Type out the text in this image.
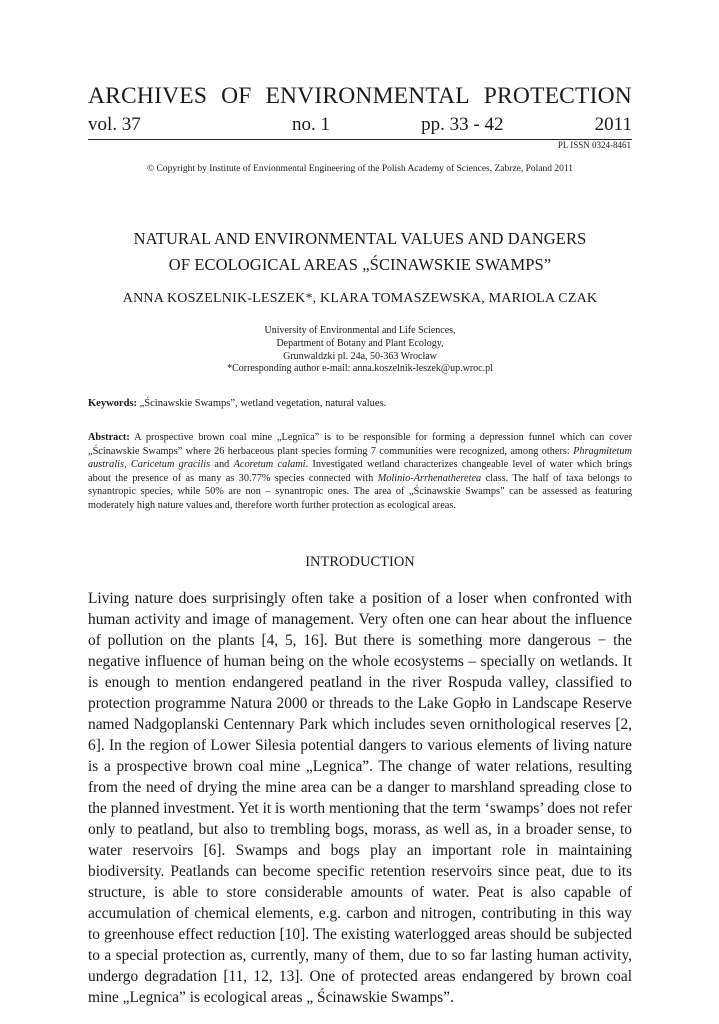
ARCHIVES OF ENVIRONMENTAL PROTECTION
vol. 37	no. 1	pp. 33 - 42	2011
PL ISSN 0324-8461
© Copyright by Institute of Envionmental Engineering of the Polish Academy of Sciences, Zabrze, Poland 2011
NATURAL AND ENVIRONMENTAL VALUES AND DANGERS
OF ECOLOGICAL AREAS „ŚCINAWSKIE SWAMPS”
ANNA KOSZELNIK-LESZEK*, KLARA TOMASZEWSKA, MARIOLA CZAK
University of Environmental and Life Sciences,
Department of Botany and Plant Ecology,
Grunwaldzki pl. 24a, 50-363 Wrocław
*Corresponding author e-mail: anna.koszelnik-leszek@up.wroc.pl
Keywords: „Ścinawskie Swamps”, wetland vegetation, natural values.
Abstract: A prospective brown coal mine „Legnica” is to be responsible for forming a depression funnel which can cover „Ścinawskie Swamps” where 26 herbaceous plant species forming 7 communities were recognized, among others: Phragmitetum australis, Caricetum gracilis and Acoretum calami. Investigated wetland characterizes changeable level of water which brings about the presence of as many as 30.77% species connected with Molinio-Arrhenatheretea class. The half of taxa belongs to synantropic species, while 50% are non – synantropic ones. The area of „Ścinawskie Swamps” can be assessed as featuring moderately high nature values and, therefore worth further protection as ecological areas.
INTRODUCTION

Living nature does surprisingly often take a position of a loser when confronted with human activity and image of management. Very often one can hear about the influence of pollution on the plants [4, 5, 16]. But there is something more dangerous − the negative influence of human being on the whole ecosystems – specially on wetlands. It is enough to mention endangered peatland in the river Rospuda valley, classified to protection programme Natura 2000 or threads to the Lake Gopło in Landscape Reserve named Nadgoplanski Centennary Park which includes seven ornithological reserves [2, 6]. In the region of Lower Silesia potential dangers to various elements of living nature is a prospective brown coal mine „Legnica”. The change of water relations, resulting from the need of drying the mine area can be a danger to marshland spreading close to the planned investment. Yet it is worth mentioning that the term ‘swamps’ does not refer only to peatland, but also to trembling bogs, morass, as well as, in a broader sense, to water reservoirs [6]. Swamps and bogs play an important role in maintaining biodiversity. Peatlands can become specific retention reservoirs since peat, due to its structure, is able to store considerable amounts of water. Peat is also capable of accumulation of chemical elements, e.g. carbon and nitrogen, contributing in this way to greenhouse effect reduction [10]. The existing waterlogged areas should be subjected to a special protection as, currently, many of them, due to so far lasting human activity, undergo degradation [11, 12, 13]. One of protected areas endangered by brown coal mine „Legnica” is ecological areas „ Ścinawskie Swamps”.
